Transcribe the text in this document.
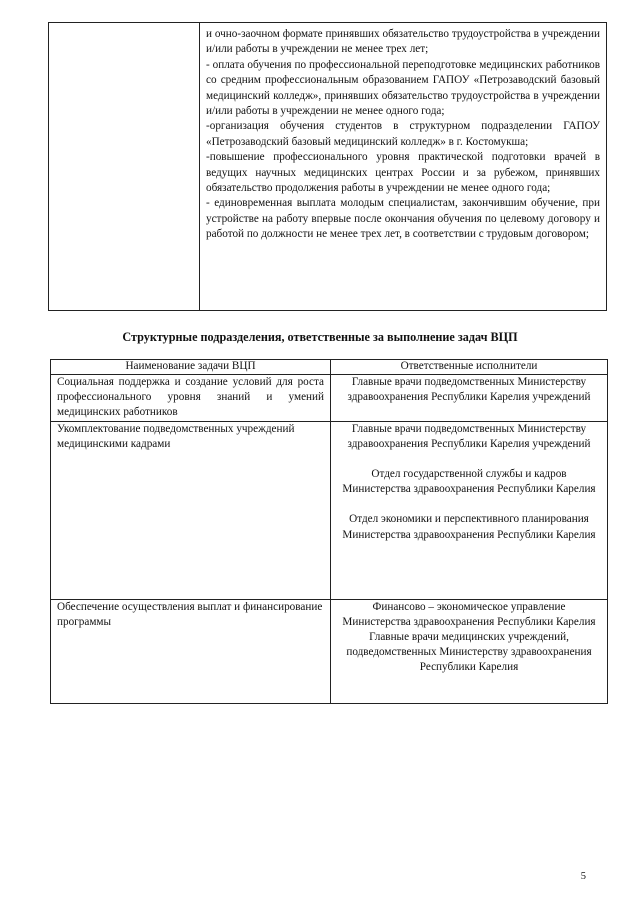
и очно-заочном формате принявших обязательство трудоустройства в учреждении и/или работы в учреждении не менее трех лет;

- оплата обучения по профессиональной переподготовке медицинских работников со средним профессиональным образованием ГАПОУ «Петрозаводский базовый медицинский колледж», принявших обязательство трудоустройства в учреждении и/или работы в учреждении не менее одного года;

-организация обучения студентов в структурном подразделении ГАПОУ «Петрозаводский базовый медицинский колледж» в г. Костомукша;

-повышение профессионального уровня практической подготовки врачей в ведущих научных медицинских центрах России и за рубежом, принявших обязательство продолжения работы в учреждении не менее одного года;

- единовременная выплата молодым специалистам, закончившим обучение, при устройстве на работу впервые после окончания обучения по целевому договору и работой по должности не менее трех лет, в соответствии с трудовым договором;

Структурные подразделения, ответственные за выполнение задач ВЦП
Наименование задачи ВЦП	Ответственные исполнители
Социальная поддержка и создание условий для роста профессионального уровня знаний и умений медицинских работников	Главные врачи подведомственных Министерству здравоохранения Республики Карелия учреждений

Укомплектование подведомственных учреждений медицинскими кадрами	Главные врачи подведомственных Министерству здравоохранения Республики Карелия учреждений

Отдел государственной службы и кадров Министерства здравоохранения Республики Карелия

Отдел экономики и перспективного планирования Министерства здравоохранения Республики Карелия

Обеспечение осуществления выплат и финансирование программы	Финансово – экономическое управление Министерства здравоохранения Республики Карелия

Главные врачи медицинских учреждений, подведомственных Министерству здравоохранения Республики Карелия

5
